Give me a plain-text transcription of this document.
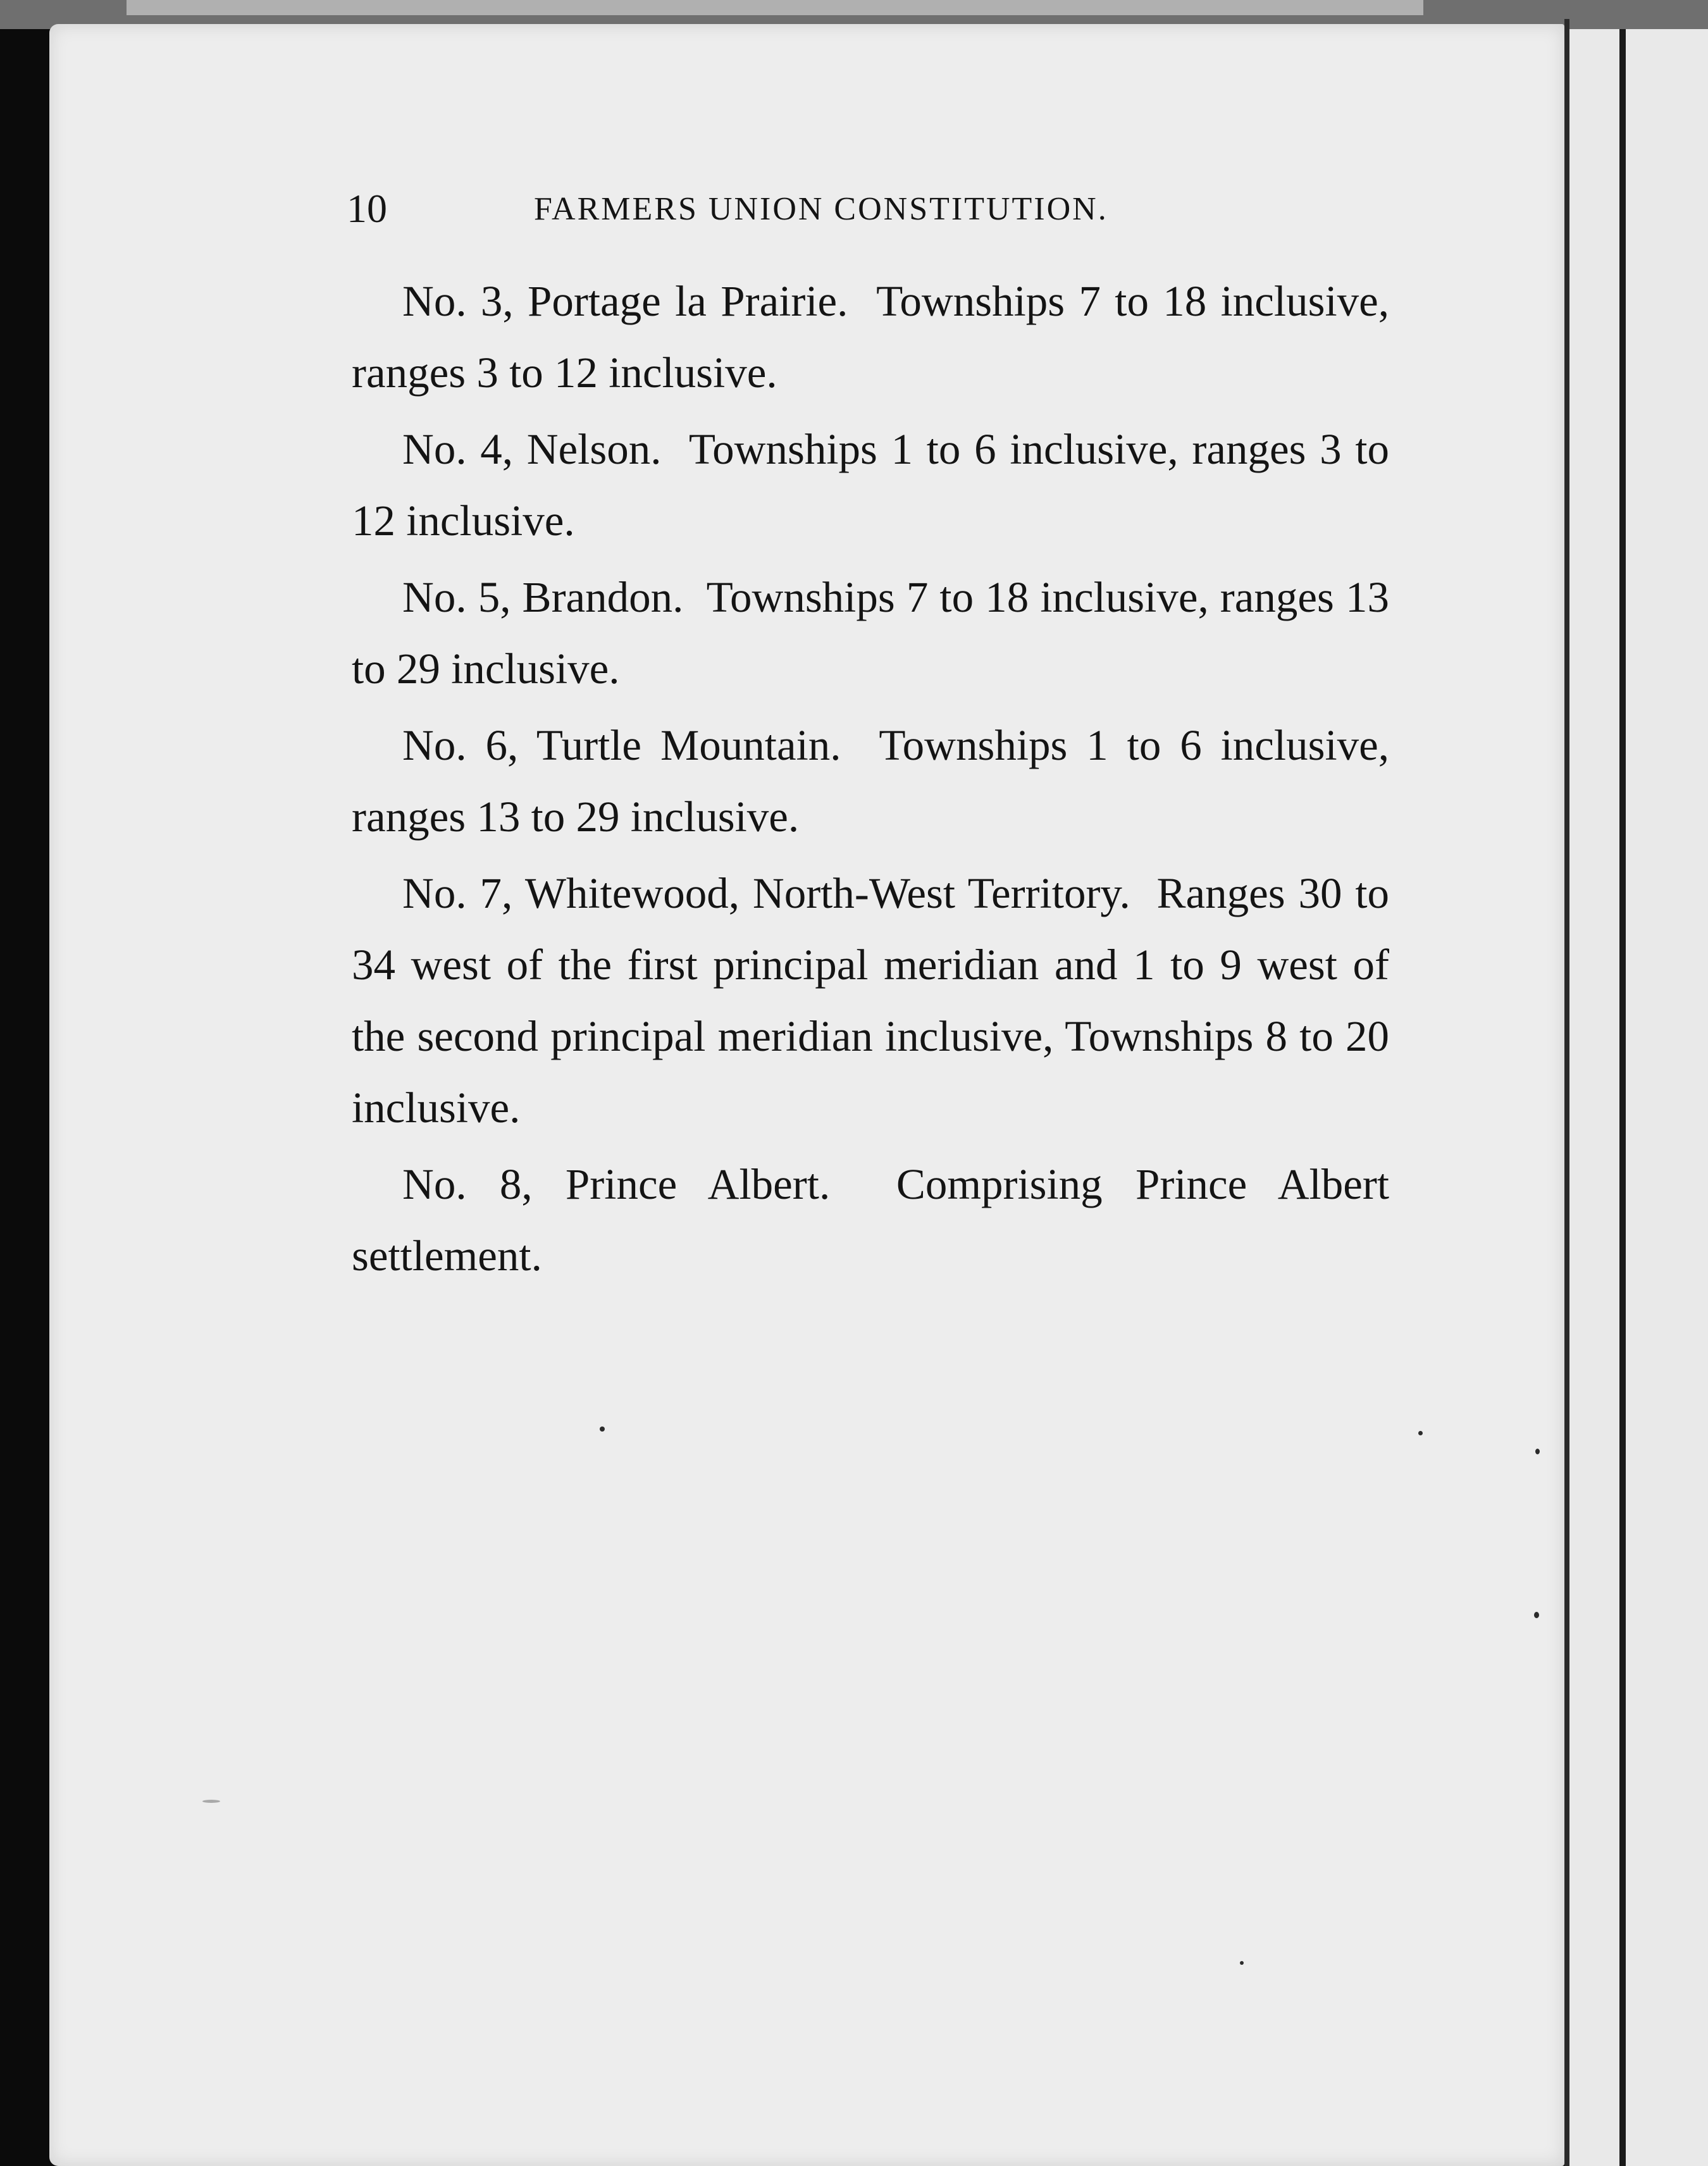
10	FARMERS UNION CONSTITUTION.

No. 3, Portage la Prairie. Townships 7 to 18 inclusive, ranges 3 to 12 inclusive.

No. 4, Nelson. Townships 1 to 6 inclusive, ranges 3 to 12 inclusive.

No. 5, Brandon. Townships 7 to 18 inclusive, ranges 13 to 29 inclusive.

No. 6, Turtle Mountain. Townships 1 to 6 inclusive, ranges 13 to 29 inclusive.

No. 7, Whitewood, North-West Territory. Ranges 30 to 34 west of the first principal meridian and 1 to 9 west of the second principal meridian inclusive, Townships 8 to 20 inclusive.

No. 8, Prince Albert. Comprising Prince Albert settlement.
